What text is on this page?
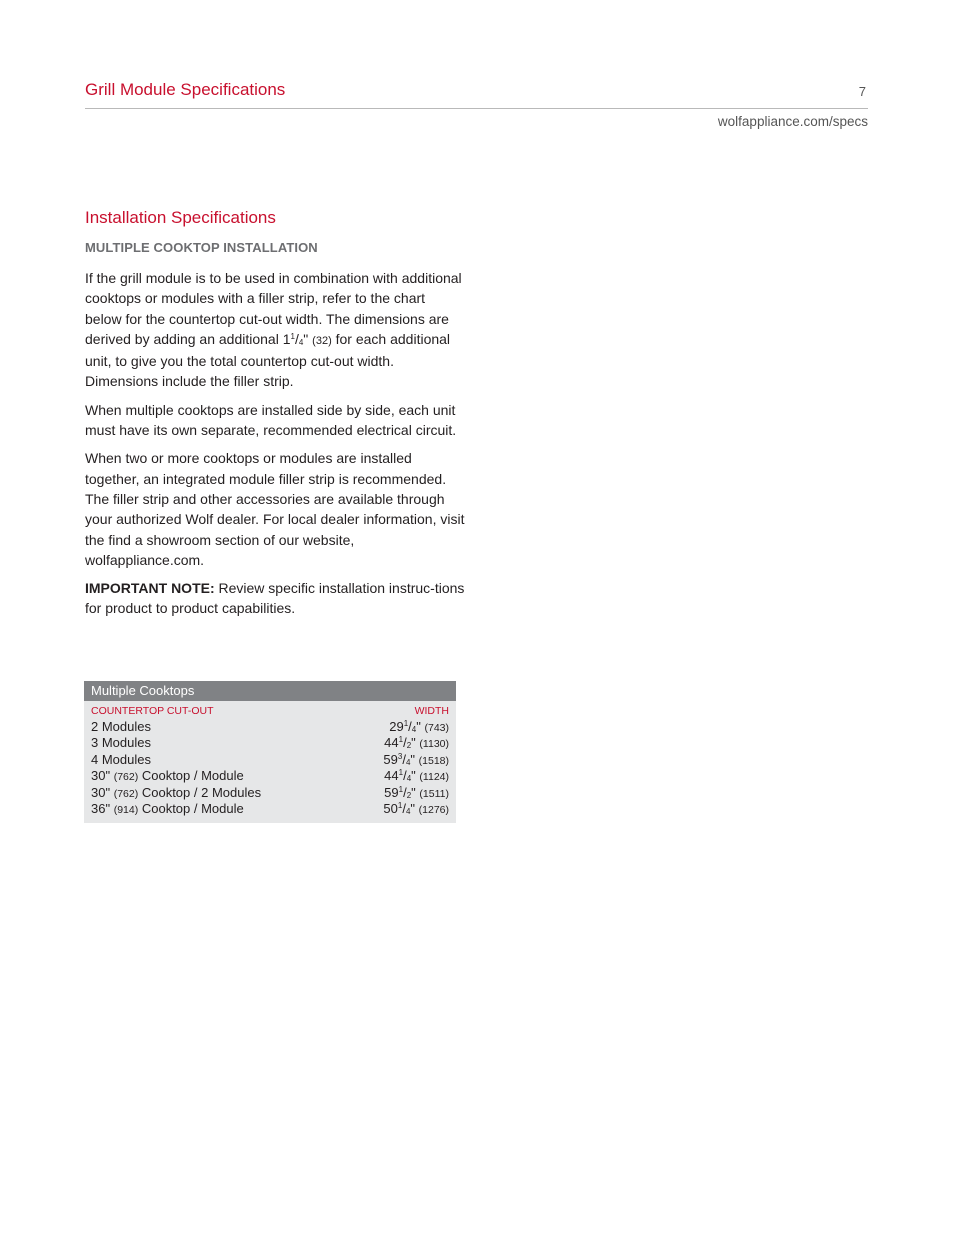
Grill Module Specifications	7
wolfappliance.com/specs
Installation Specifications
MULTIPLE COOKTOP INSTALLATION

If the grill module is to be used in combination with additional cooktops or modules with a filler strip, refer to the chart below for the countertop cut-out width. The dimensions are derived by adding an additional $1^1/_4$" (32) for each additional unit, to give you the total countertop cut-out width. Dimensions include the filler strip.

When multiple cooktops are installed side by side, each unit must have its own separate, recommended electrical circuit.

When two or more cooktops or modules are installed together, an integrated module filler strip is recommended. The filler strip and other accessories are available through your authorized Wolf dealer. For local dealer information, visit the find a showroom section of our website, wolfappliance.com.

IMPORTANT NOTE: Review specific installation instruc-tions for product to product capabilities.

Multiple Cooktops
COUNTERTOP CUT-OUT	WIDTH
2 Modules	$29^1/_4$" (743)
3 Modules	$44^1/_2$" (1130)
4 Modules	$59^3/_4$" (1518)
30" (762) Cooktop / Module	$44^1/_4$" (1124)
30" (762) Cooktop / 2 Modules	$59^1/_2$" (1511)
36" (914) Cooktop / Module	$50^1/_4$" (1276)
